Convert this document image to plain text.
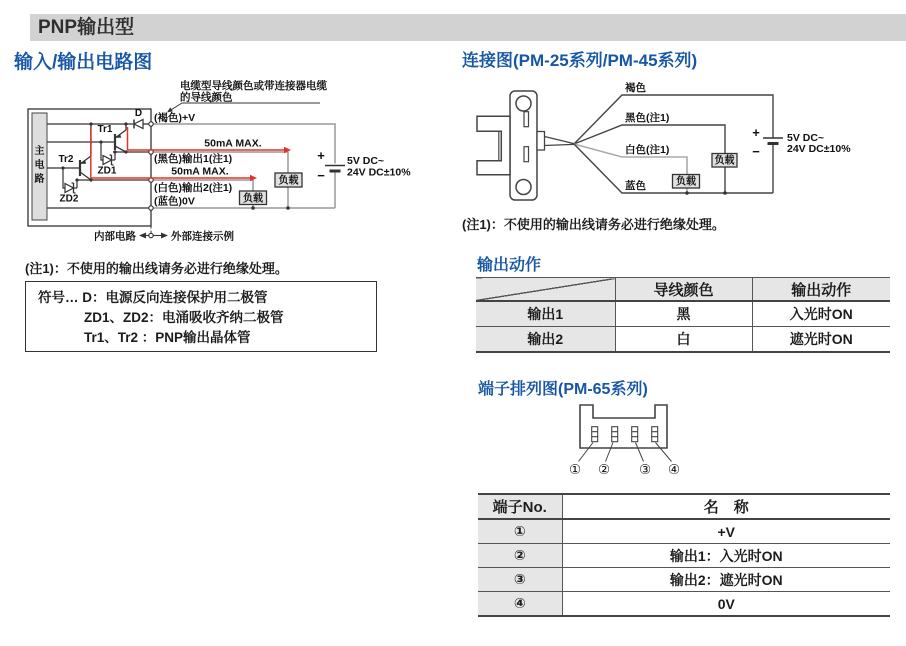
PNP输出型
输入/输出电路图
电缆型导线颜色或带连接器电缆
的导线颜色
主
电
路
D
Tr1
ZD1
Tr2
ZD2
50mA MAX.
50mA MAX.
(褐色)+V
(黑色)输出1(注1)
(白色)输出2(注1)
(蓝色)0V
负载
负载
+
−
5V DC~
24V DC±10%
内部电路	外部连接示例
(注1)：不使用的输出线请务必进行绝缘处理。
符号… D：电源反向连接保护用二极管
ZD1、ZD2：电涌吸收齐纳二极管
Tr1、Tr2 ：PNP输出晶体管
连接图(PM-25系列/PM-45系列)
褐色
黑色(注1)
白色(注1)
蓝色
负载
负载
+
−
5V DC~
24V DC±10%
(注1)：不使用的输出线请务必进行绝缘处理。
输出动作
	导线颜色	输出动作
输出1	黑	入光时ON
输出2	白	遮光时ON
端子排列图(PM-65系列)
① ② ③ ④
端子No.	名　称
①	+V
②	输出1：入光时ON
③	输出2：遮光时ON
④	0V
